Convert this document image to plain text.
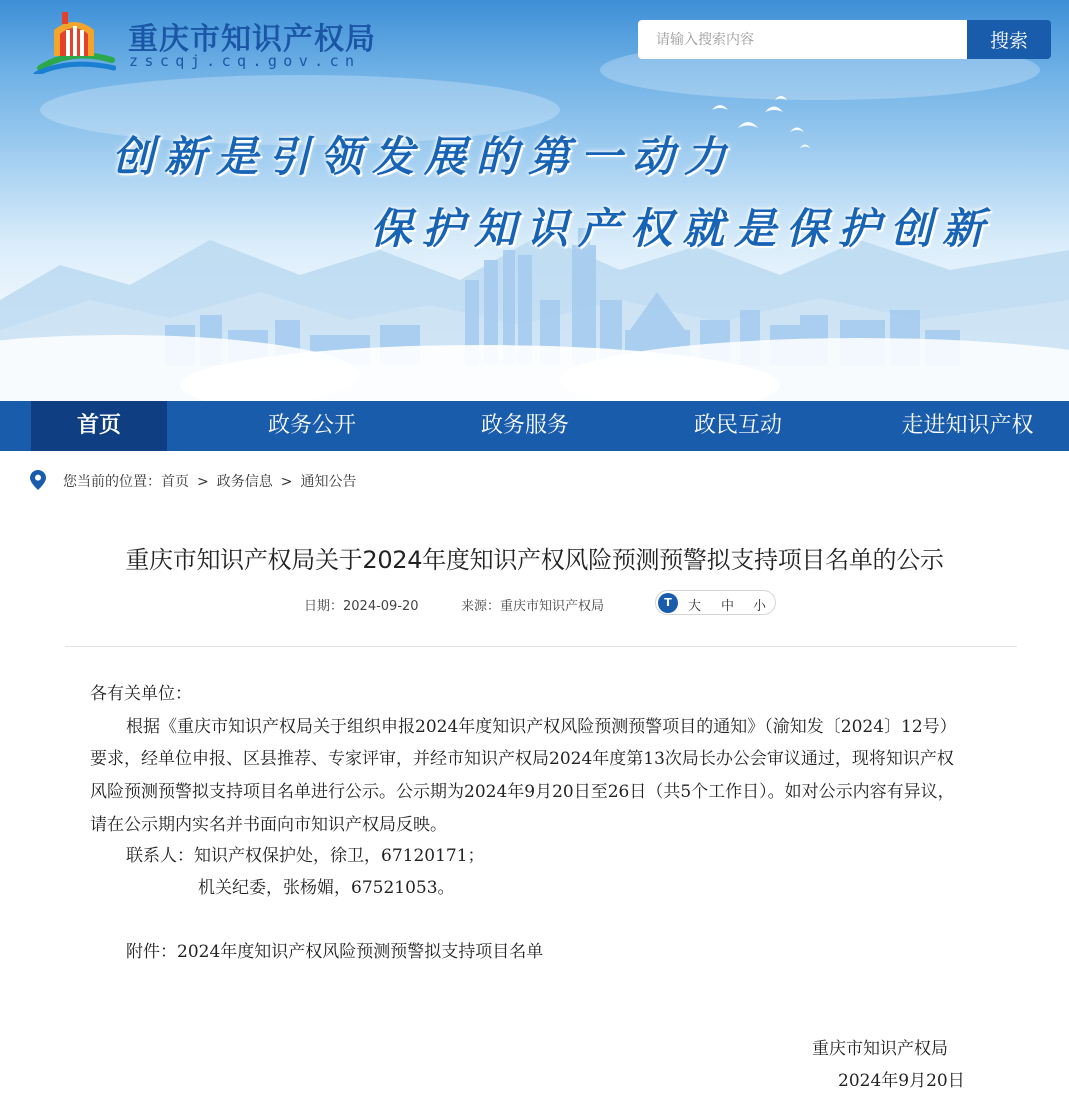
重庆市知识产权局
zscqj.cq.gov.cn
请输入搜索内容
搜索
创新是引领发展的第一动力
保护知识产权就是保护创新
首页	政务公开	政务服务	政民互动	走进知识产权
您当前的位置：首页 > 政务信息 > 通知公告
重庆市知识产权局关于2024年度知识产权风险预测预警拟支持项目名单的公示
日期：2024-09-20	来源：重庆市知识产权局	T	大 中 小
各有关单位：
根据《重庆市知识产权局关于组织申报2024年度知识产权风险预测预警项目的通知》（渝知发〔2024〕12号）
要求，经单位申报、区县推荐、专家评审，并经市知识产权局2024年度第13次局长办公会审议通过，现将知识产权
风险预测预警拟支持项目名单进行公示。公示期为2024年9月20日至26日（共5个工作日）。如对公示内容有异议，
请在公示期内实名并书面向市知识产权局反映。
联系人：知识产权保护处，徐卫，67120171；
机关纪委，张杨媚，67521053。
附件：2024年度知识产权风险预测预警拟支持项目名单
重庆市知识产权局
2024年9月20日
